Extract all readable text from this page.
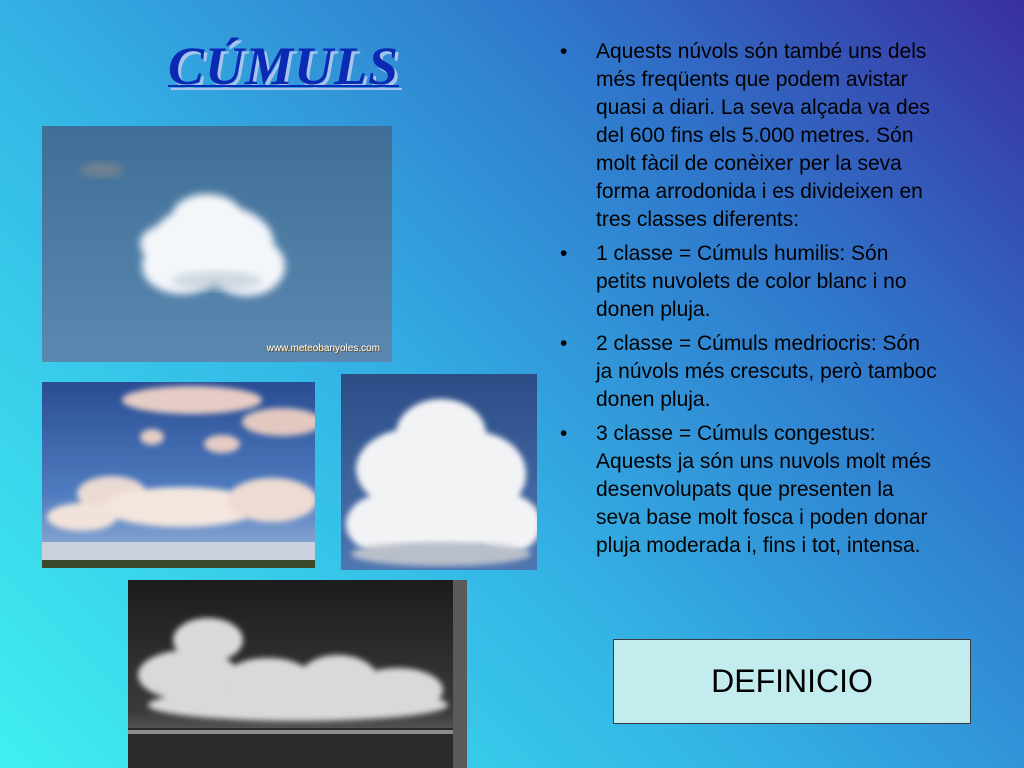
CÚMULS
www.meteobanyoles.com
• Aquests núvols són també uns dels més freqüents que podem avistar quasi a diari. La seva alçada va des del 600 fins els 5.000 metres. Són molt fàcil de conèixer per la seva forma arrodonida i es divideixen en tres classes diferents:
• 1 classe = Cúmuls humilis: Són petits nuvolets de color blanc i no donen pluja.
• 2 classe = Cúmuls medriocris: Són ja núvols més crescuts, però tamboc donen pluja.
• 3 classe = Cúmuls congestus: Aquests ja són uns nuvols molt més desenvolupats que presenten la seva base molt fosca i poden donar pluja moderada i, fins i tot, intensa.
DEFINICIO
